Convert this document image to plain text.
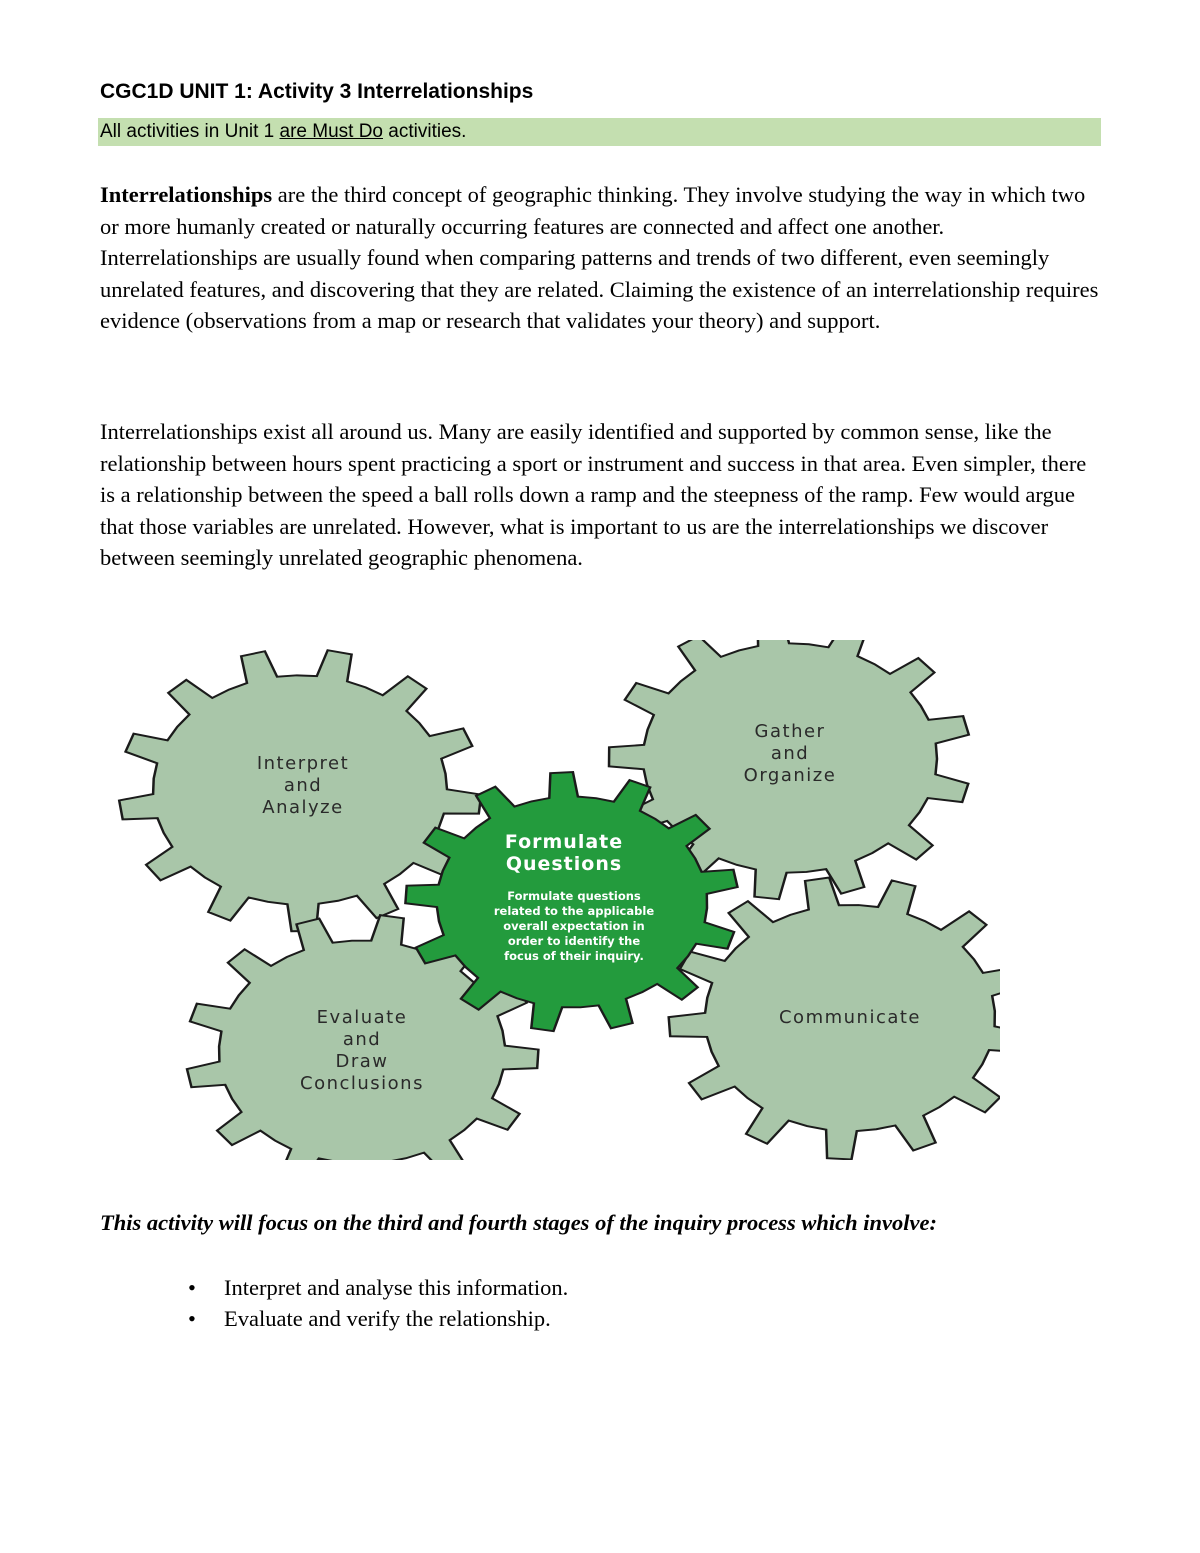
CGC1D UNIT 1: Activity 3 Interrelationships
All activities in Unit 1 are Must Do activities.

Interrelationships are the third concept of geographic thinking. They involve studying the way in which two or more humanly created or naturally occurring features are connected and affect one another. Interrelationships are usually found when comparing patterns and trends of two different, even seemingly unrelated features, and discovering that they are related. Claiming the existence of an interrelationship requires evidence (observations from a map or research that validates your theory) and support.

Interrelationships exist all around us. Many are easily identified and supported by common sense, like the relationship between hours spent practicing a sport or instrument and success in that area. Even simpler, there is a relationship between the speed a ball rolls down a ramp and the steepness of the ramp. Few would argue that those variables are unrelated. However, what is important to us are the interrelationships we discover between seemingly unrelated geographic phenomena.

Interpret
and
Analyze
Gather
and
Organize
Evaluate
and
Draw
Conclusions
Communicate
Formulate
Questions
Formulate questions
related to the applicable
overall expectation in
order to identify the
focus of their inquiry.

This activity will focus on the third and fourth stages of the inquiry process which involve:

• Interpret and analyse this information.
• Evaluate and verify the relationship.
